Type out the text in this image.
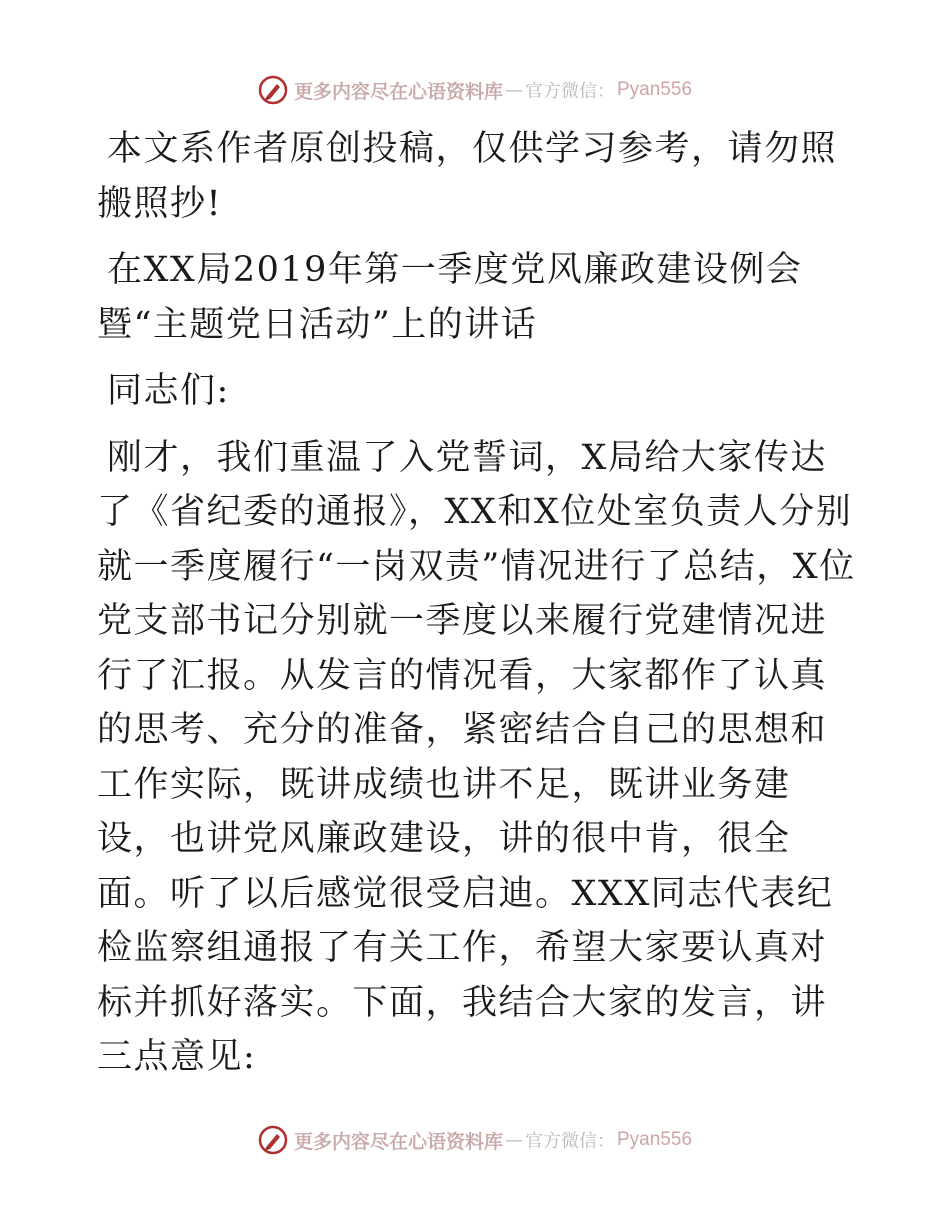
更多内容尽在心语资料库 — 官方微信： Pyan556

本文系作者原创投稿，仅供学习参考，请勿照搬照抄!

在XX局2019年第一季度党风廉政建设例会暨“主题党日活动”上的讲话

同志们:

刚才，我们重温了入党誓词，X局给大家传达了《省纪委的通报》，XX和X位处室负责人分别就一季度履行“一岗双责”情况进行了总结，X位党支部书记分别就一季度以来履行党建情况进行了汇报。从发言的情况看，大家都作了认真的思考、充分的准备，紧密结合自己的思想和工作实际，既讲成绩也讲不足，既讲业务建设，也讲党风廉政建设，讲的很中肯，很全面。听了以后感觉很受启迪。XXX同志代表纪检监察组通报了有关工作，希望大家要认真对标并抓好落实。下面，我结合大家的发言，讲三点意见:

更多内容尽在心语资料库 — 官方微信： Pyan556
